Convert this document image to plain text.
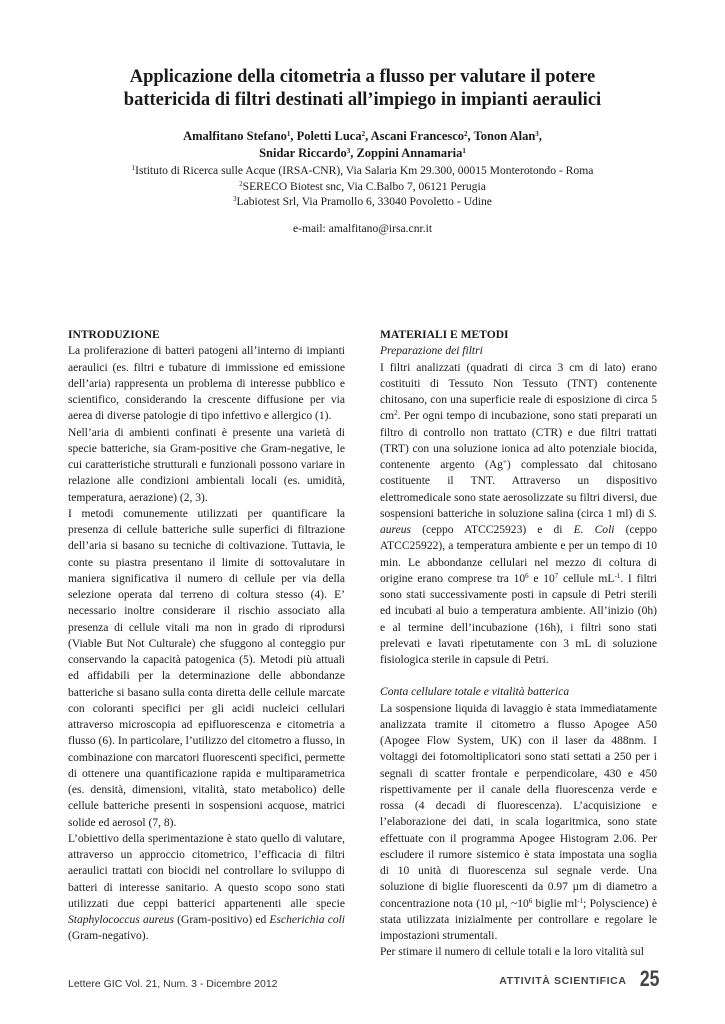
Applicazione della citometria a flusso per valutare il potere
battericida di filtri destinati all’impiego in impianti aeraulici
Amalfitano Stefano$^1$, Poletti Luca$^2$, Ascani Francesco$^2$, Tonon Alan$^3$,
Snidar Riccardo$^3$, Zoppini Annamaria$^1$
$^1$Istituto di Ricerca sulle Acque (IRSA-CNR), Via Salaria Km 29.300, 00015 Monterotondo - Roma
$^2$SERECO Biotest snc, Via C.Balbo 7, 06121 Perugia
$^3$Labiotest Srl, Via Pramollo 6, 33040 Povoletto - Udine
e-mail: amalfitano@irsa.cnr.it

INTRODUZIONE

La proliferazione di batteri patogeni all’interno di impianti aeraulici (es. filtri e tubature di immissione ed emissione dell’aria) rappresenta un problema di interesse pubblico e scientifico, considerando la crescente diffusione per via aerea di diverse patologie di tipo infettivo e allergico (1).

Nell’aria di ambienti confinati è presente una varietà di specie batteriche, sia Gram-positive che Gram-negative, le cui caratteristiche strutturali e funzionali possono variare in relazione alle condizioni ambientali locali (es. umidità, temperatura, aerazione) (2, 3).

I metodi comunemente utilizzati per quantificare la presenza di cellule batteriche sulle superfici di filtrazione dell’aria si basano su tecniche di coltivazione. Tuttavia, le conte su piastra presentano il limite di sottovalutare in maniera significativa il numero di cellule per via della selezione operata dal terreno di coltura stesso (4). E’ necessario inoltre considerare il rischio associato alla presenza di cellule vitali ma non in grado di riprodursi (Viable But Not Culturale) che sfuggono al conteggio pur conservando la capacità patogenica (5). Metodi più attuali ed affidabili per la determinazione delle abbondanze batteriche si basano sulla conta diretta delle cellule marcate con coloranti specifici per gli acidi nucleici cellulari attraverso microscopia ad epifluorescenza e citometria a flusso (6). In particolare, l’utilizzo del citometro a flusso, in combinazione con marcatori fluorescenti specifici, permette di ottenere una quantificazione rapida e multiparametrica (es. densità, dimensioni, vitalità, stato metabolico) delle cellule batteriche presenti in sospensioni acquose, matrici solide ed aerosol (7, 8).

L’obiettivo della sperimentazione è stato quello di valutare, attraverso un approccio citometrico, l’efficacia di filtri aeraulici trattati con biocidi nel controllare lo sviluppo di batteri di interesse sanitario. A questo scopo sono stati utilizzati due ceppi batterici appartenenti alle specie Staphylococcus aureus (Gram-positivo) ed Escherichia coli (Gram-negativo).

MATERIALI E METODI

Preparazione dei filtri

I filtri analizzati (quadrati di circa 3 cm di lato) erano costituiti di Tessuto Non Tessuto (TNT) contenente chitosano, con una superficie reale di esposizione di circa 5 $cm^2$. Per ogni tempo di incubazione, sono stati preparati un filtro di controllo non trattato (CTR) e due filtri trattati (TRT) con una soluzione ionica ad alto potenziale biocida, contenente argento (Ag+) complessato dal chitosano costituente il TNT. Attraverso un dispositivo elettromedicale sono state aerosolizzate su filtri diversi, due sospensioni batteriche in soluzione salina (circa 1 ml) di S. aureus (ceppo ATCC25923) e di E. Coli (ceppo ATCC25922), a temperatura ambiente e per un tempo di 10 min. Le abbondanze cellulari nel mezzo di coltura di origine erano comprese tra $10^6$ e $10^7$ cellule $mL^{-1}$. I filtri sono stati successivamente posti in capsule di Petri sterili ed incubati al buio a temperatura ambiente. All’inizio (0h) e al termine dell’incubazione (16h), i filtri sono stati prelevati e lavati ripetutamente con 3 mL di soluzione fisiologica sterile in capsule di Petri.

Conta cellulare totale e vitalità batterica

La sospensione liquida di lavaggio è stata immediatamente analizzata tramite il citometro a flusso Apogee A50 (Apogee Flow System, UK) con il laser da 488nm. I voltaggi dei fotomoltiplicatori sono stati settati a 250 per i segnali di scatter frontale e perpendicolare, 430 e 450 rispettivamente per il canale della fluorescenza verde e rossa (4 decadi di fluorescenza). L’acquisizione e l’elaborazione dei dati, in scala logaritmica, sono state effettuate con il programma Apogee Histogram 2.06. Per escludere il rumore sistemico è stata impostata una soglia di 10 unità di fluorescenza sul segnale verde. Una soluzione di biglie fluorescenti da 0.97 µm di diametro a concentrazione nota (10 µl, $\sim 10^6$ biglie $ml^{-1}$; Polyscience) è stata utilizzata inizialmente per controllare e regolare le impostazioni strumentali.

Per stimare il numero di cellule totali e la loro vitalità sul

Lettere GIC Vol. 21, Num. 3 - Dicembre 2012	ATTIVITÀ SCIENTIFICA 25
